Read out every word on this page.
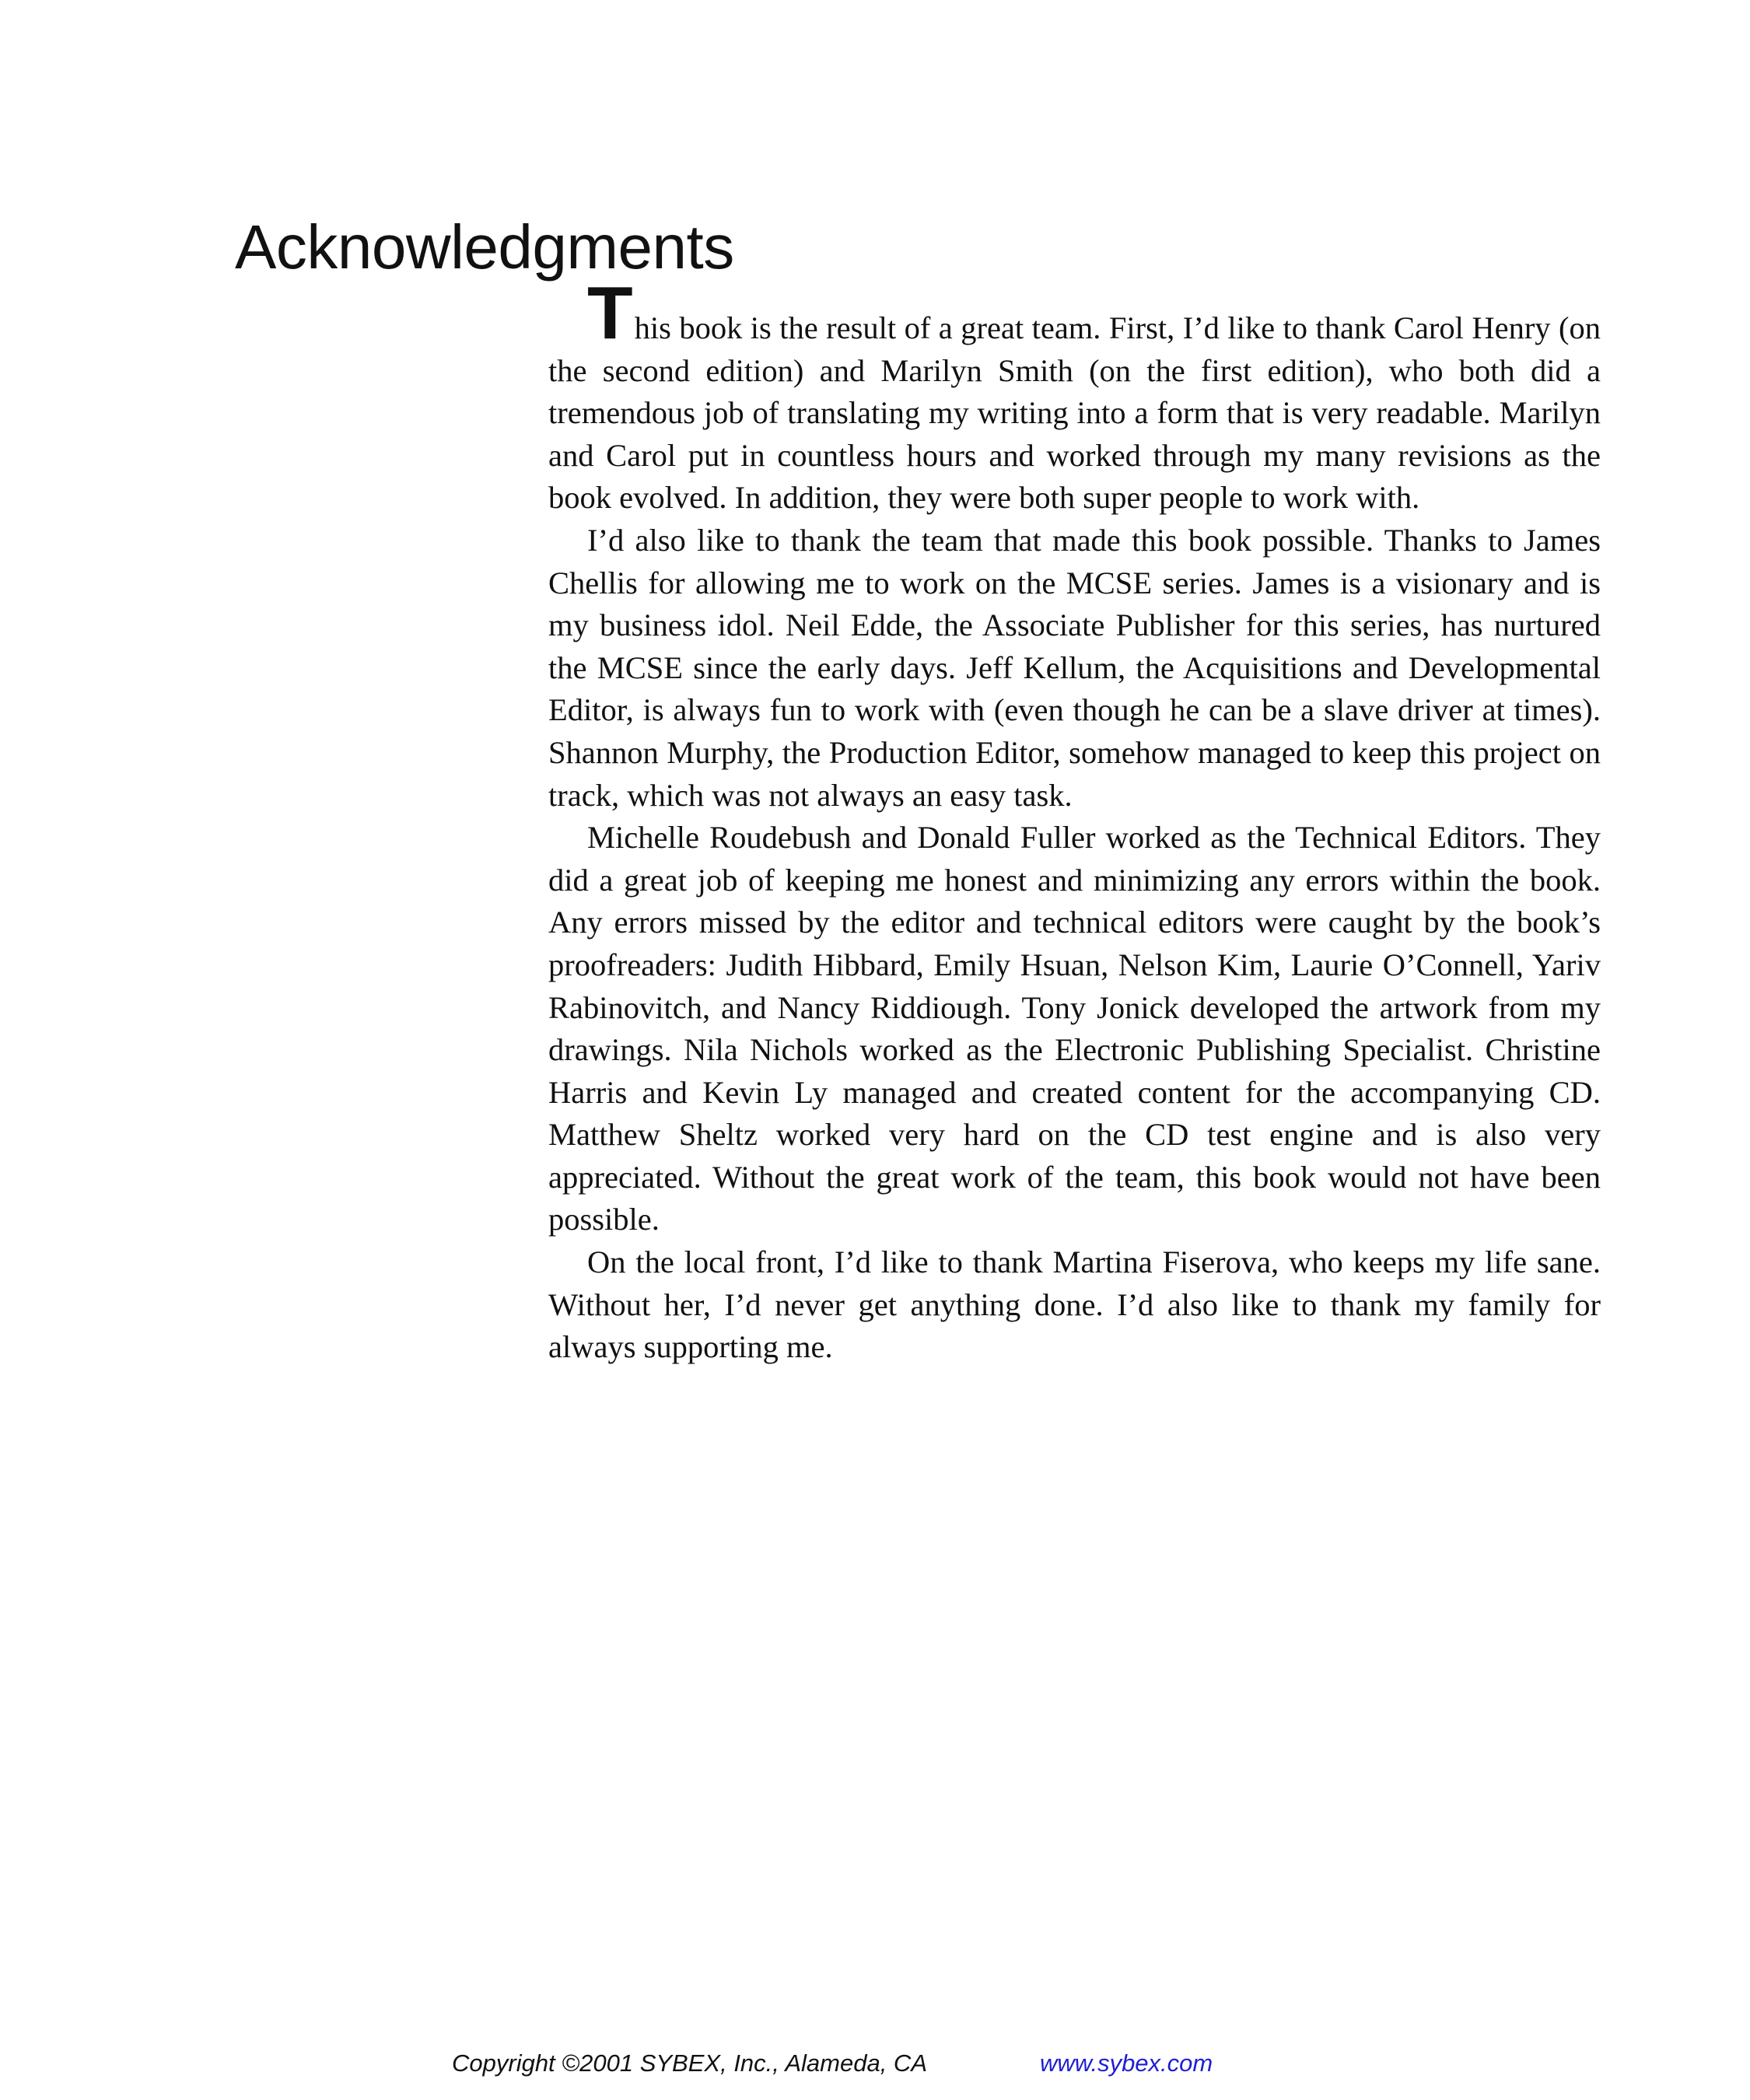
Acknowledgments

This book is the result of a great team. First, I’d like to thank Carol Henry (on the second edition) and Marilyn Smith (on the first edition), who both did a tremendous job of translating my writing into a form that is very readable. Marilyn and Carol put in countless hours and worked through my many revisions as the book evolved. In addition, they were both super people to work with.

I’d also like to thank the team that made this book possible. Thanks to James Chellis for allowing me to work on the MCSE series. James is a visionary and is my business idol. Neil Edde, the Associate Publisher for this series, has nurtured the MCSE since the early days. Jeff Kellum, the Acquisitions and Developmental Editor, is always fun to work with (even though he can be a slave driver at times). Shannon Murphy, the Production Editor, somehow managed to keep this project on track, which was not always an easy task.

Michelle Roudebush and Donald Fuller worked as the Technical Editors. They did a great job of keeping me honest and minimizing any errors within the book. Any errors missed by the editor and technical editors were caught by the book’s proofreaders: Judith Hibbard, Emily Hsuan, Nelson Kim, Laurie O’Connell, Yariv Rabinovitch, and Nancy Riddiough. Tony Jonick developed the artwork from my drawings. Nila Nichols worked as the Electronic Publishing Specialist. Christine Harris and Kevin Ly managed and created content for the accompanying CD. Matthew Sheltz worked very hard on the CD test engine and is also very appreciated. Without the great work of the team, this book would not have been possible.

On the local front, I’d like to thank Martina Fiserova, who keeps my life sane. Without her, I’d never get anything done. I’d also like to thank my family for always supporting me.

Copyright ©2001 SYBEX, Inc., Alameda, CA	www.sybex.com
